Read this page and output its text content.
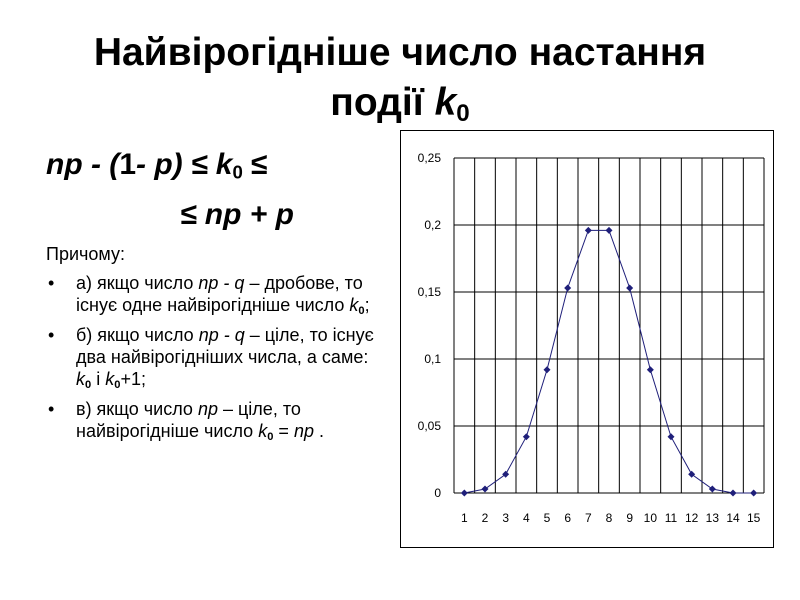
Найвірогідніше число настання
події $k_0$
np - (1- $p) \le k_0$ ≤
≤ np + p
Причому:
• а) якщо число np - q – дробове, то існує одне найвірогідніше число $k_0$;
• б) якщо число np - q – ціле, то існує два найвірогідніших числа, а саме: $k_0$ і $k_0+1$;
• в) якщо число np – ціле, то найвірогідніше число $k_0$ = np .
0
0,05
0,1
0,15
0,2
0,25
1 2 3 4 5 6 7 8 9 10 11 12 13 14 15
